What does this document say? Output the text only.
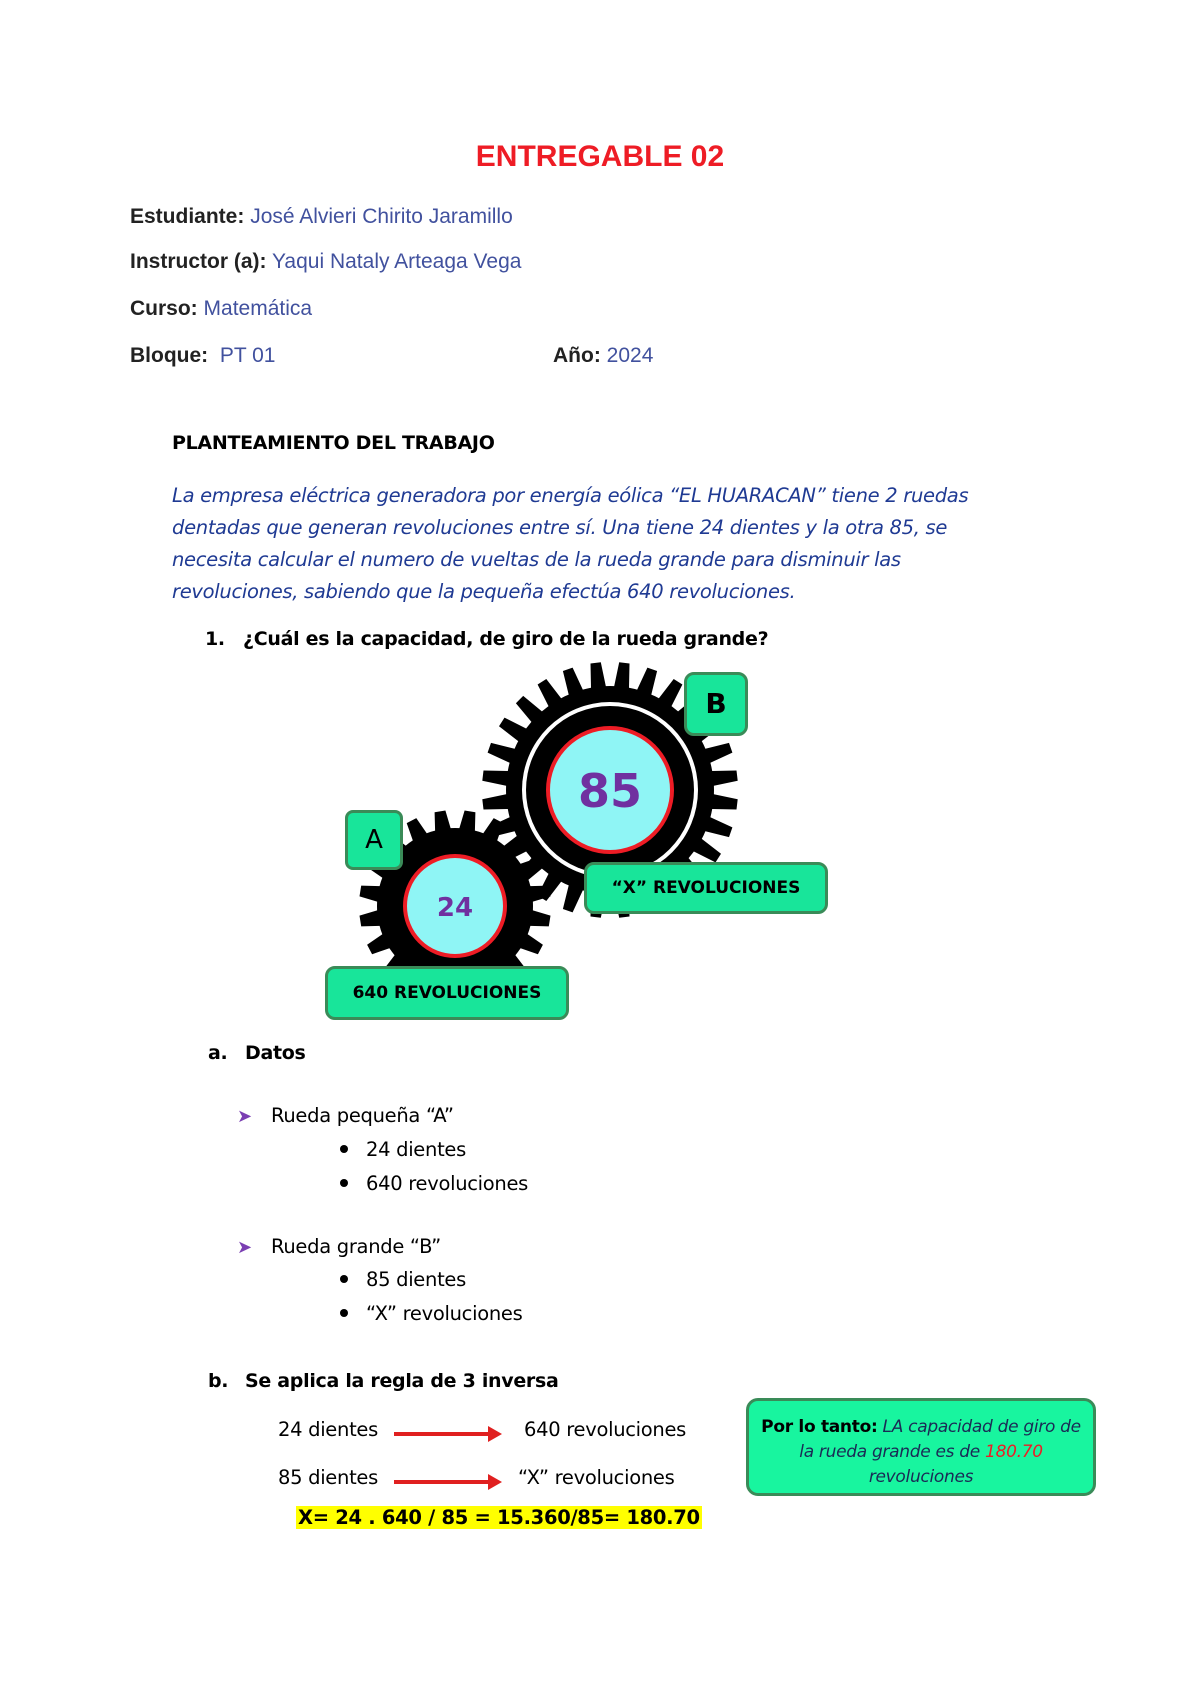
ENTREGABLE 02
Estudiante: José Alvieri Chirito Jaramillo
Instructor (a): Yaqui Nataly Arteaga Vega
Curso: Matemática
Bloque: PT 01	Año: 2024
PLANTEAMIENTO DEL TRABAJO
La empresa eléctrica generadora por energía eólica “EL HUARACAN” tiene 2 ruedas
dentadas que generan revoluciones entre sí. Una tiene 24 dientes y la otra 85, se
necesita calcular el numero de vueltas de la rueda grande para disminuir las
revoluciones, sabiendo que la pequeña efectúa 640 revoluciones.
1. ¿Cuál es la capacidad, de giro de la rueda grande?
85
24
B
A
“X” REVOLUCIONES
640 REVOLUCIONES
a. Datos
➤ Rueda pequeña “A”
24 dientes
640 revoluciones
➤ Rueda grande “B”
85 dientes
“X” revoluciones
b. Se aplica la regla de 3 inversa
24 dientes	640 revoluciones
85 dientes	“X” revoluciones
X= 24 . 640 / 85 = 15.360/85= 180.70
Por lo tanto: LA capacidad de giro de
la rueda grande es de 180.70
revoluciones
